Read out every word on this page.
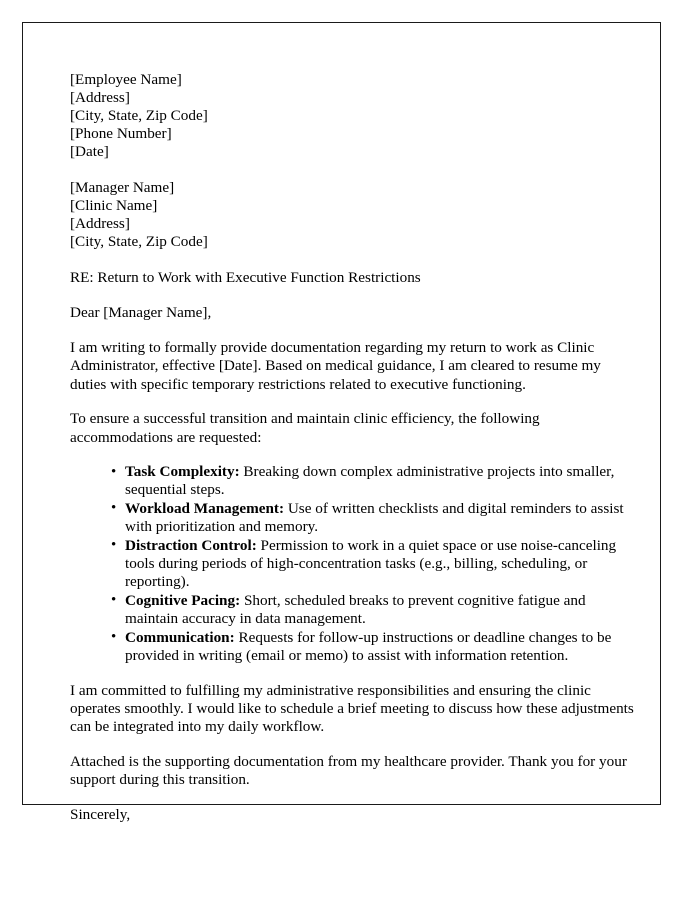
[Employee Name]
[Address]
[City, State, Zip Code]
[Phone Number]
[Date]
[Manager Name]
[Clinic Name]
[Address]
[City, State, Zip Code]
RE: Return to Work with Executive Function Restrictions
Dear [Manager Name],

I am writing to formally provide documentation regarding my return to work as Clinic Administrator, effective [Date]. Based on medical guidance, I am cleared to resume my duties with specific temporary restrictions related to executive functioning.

To ensure a successful transition and maintain clinic efficiency, the following accommodations are requested:

• Task Complexity: Breaking down complex administrative projects into smaller, sequential steps.
• Workload Management: Use of written checklists and digital reminders to assist with prioritization and memory.
• Distraction Control: Permission to work in a quiet space or use noise-canceling tools during periods of high-concentration tasks (e.g., billing, scheduling, or reporting).
• Cognitive Pacing: Short, scheduled breaks to prevent cognitive fatigue and maintain accuracy in data management.
• Communication: Requests for follow-up instructions or deadline changes to be provided in writing (email or memo) to assist with information retention.

I am committed to fulfilling my administrative responsibilities and ensuring the clinic operates smoothly. I would like to schedule a brief meeting to discuss how these adjustments can be integrated into my daily workflow.

Attached is the supporting documentation from my healthcare provider. Thank you for your support during this transition.

Sincerely,
